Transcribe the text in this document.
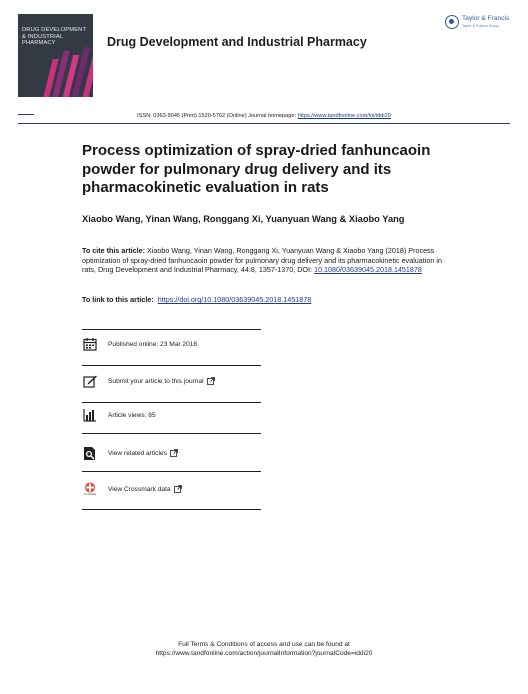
DRUG DEVELOPMENT
& INDUSTRIAL
PHARMACY	Drug Development and Industrial Pharmacy
Taylor & Francis
Taylor & Francis Group
ISSN: 0363-9045 (Print) 1520-5762 (Online) Journal homepage: https://www.tandfonline.com/loi/iddi20
Process optimization of spray-dried fanhuncaoin powder for pulmonary drug delivery and its pharmacokinetic evaluation in rats
Xiaobo Wang, Yinan Wang, Ronggang Xi, Yuanyuan Wang & Xiaobo Yang
To cite this article: Xiaobo Wang, Yinan Wang, Ronggang Xi, Yuanyuan Wang & Xiaobo Yang (2018) Process optimization of spray-dried fanhuncaoin powder for pulmonary drug delivery and its pharmacokinetic evaluation in rats, Drug Development and Industrial Pharmacy, 44:8, 1357-1370, DOI: 10.1080/03639045.2018.1451878
To link to this article: https://doi.org/10.1080/03639045.2018.1451878
Published online: 23 Mar 2018.
Submit your article to this journal
Article views: 85
View related articles
CrossMark
View Crossmark data
Full Terms & Conditions of access and use can be found at
https://www.tandfonline.com/action/journalInformation?journalCode=iddi20
